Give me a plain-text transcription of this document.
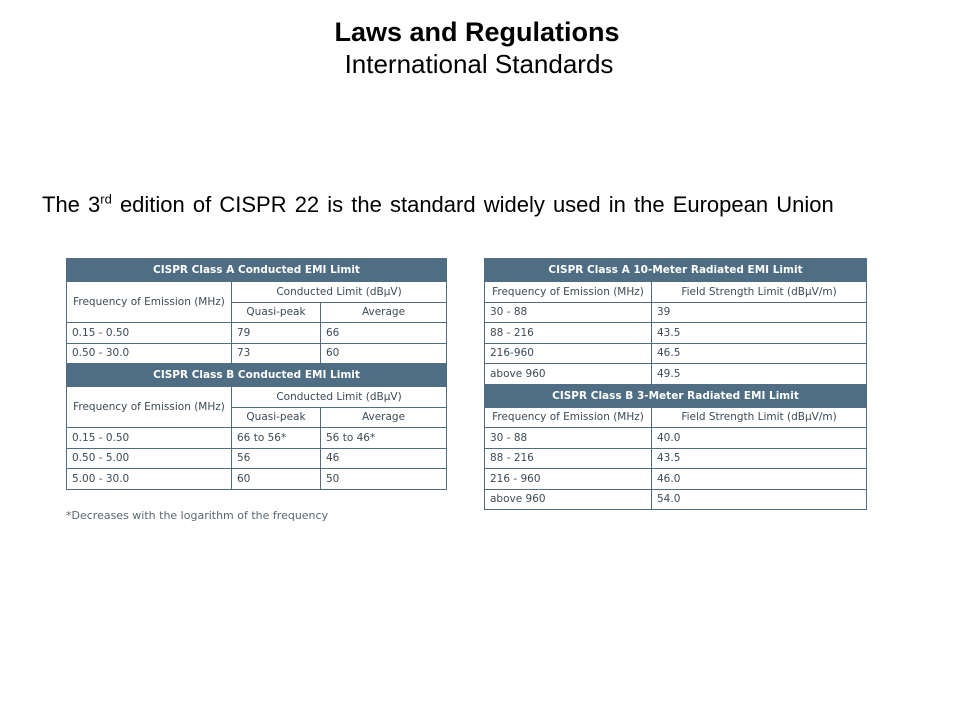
Laws and Regulations
International Standards
The 3rd edition of CISPR 22 is the standard widely used in the European Union
CISPR Class A Conducted EMI Limit		
Frequency of Emission (MHz)	Conducted Limit (dBµV)	
	Quasi-peak	Average
0.15 - 0.50	79	66
0.50 - 30.0	73	60
CISPR Class B Conducted EMI Limit		
Frequency of Emission (MHz)	Conducted Limit (dBµV)	
	Quasi-peak	Average
0.15 - 0.50	66 to 56*	56 to 46*
0.50 - 5.00	56	46
5.00 - 30.0	60	50
*Decreases with the logarithm of the frequency
CISPR Class A 10-Meter Radiated EMI Limit	
Frequency of Emission (MHz)	Field Strength Limit (dBµV/m)
30 - 88	39
88 - 216	43.5
216-960	46.5
above 960	49.5
CISPR Class B 3-Meter Radiated EMI Limit	
Frequency of Emission (MHz)	Field Strength Limit (dBµV/m)
30 - 88	40.0
88 - 216	43.5
216 - 960	46.0
above 960	54.0
